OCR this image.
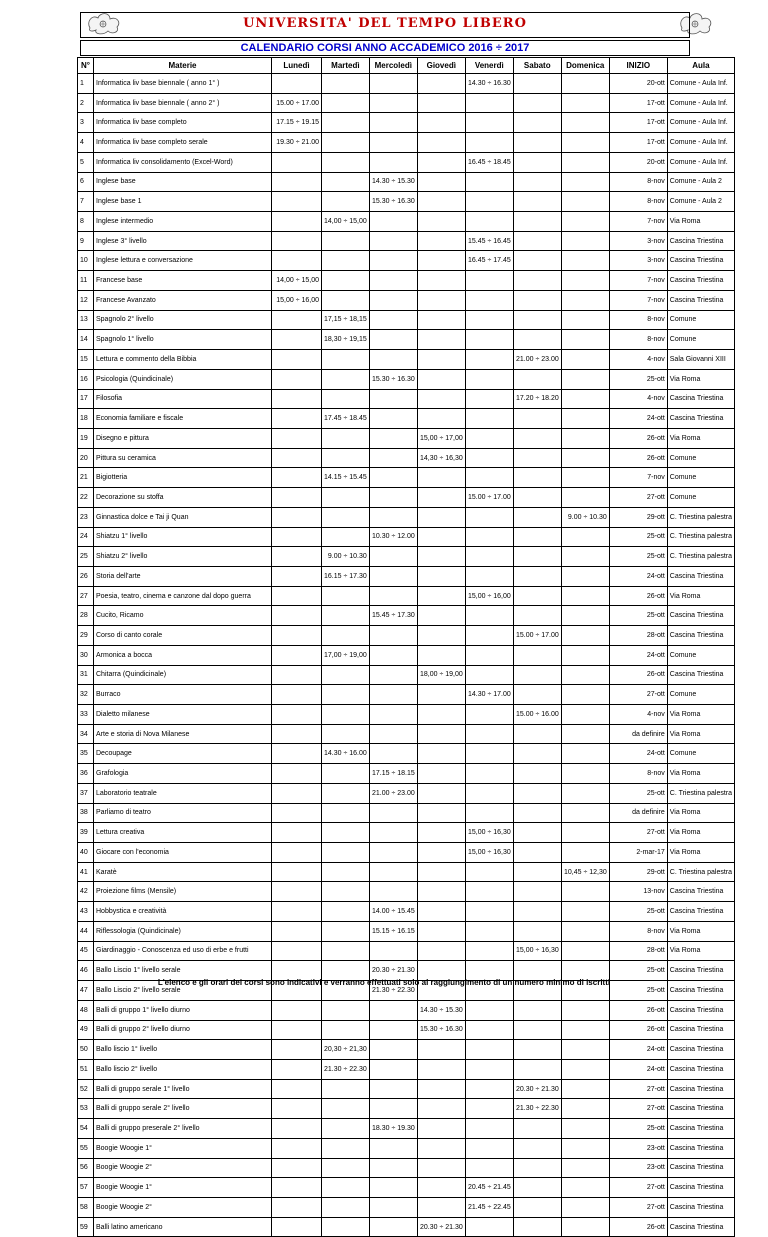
UNIVERSITA' DEL TEMPO LIBERO
CALENDARIO CORSI ANNO ACCADEMICO 2016 ÷ 2017
N°	Materie	Lunedì	Martedì	Mercoledì	Giovedì	Venerdì	Sabato	Domenica	INIZIO	Aula
1	Informatica liv base biennale ( anno 1° )					14.30 ÷ 16.30			20-ott	Comune - Aula Inf.
2	Informatica liv base biennale ( anno 2° )	15.00 ÷ 17.00							17-ott	Comune - Aula Inf.
3	Informatica liv base completo	17.15 ÷ 19.15							17-ott	Comune - Aula Inf.
4	Informatica liv base completo serale	19.30 ÷ 21.00							17-ott	Comune - Aula Inf.
5	Informatica liv consolidamento (Excel-Word)					16.45 ÷ 18.45			20-ott	Comune - Aula Inf.
6	Inglese base			14.30 ÷ 15.30					8-nov	Comune - Aula 2
7	Inglese base 1			15.30 ÷ 16.30					8-nov	Comune - Aula 2
8	Inglese intermedio		14,00 ÷ 15,00						7-nov	Via Roma
9	Inglese 3° livello					15.45 ÷ 16.45			3-nov	Cascina Triestina
10	Inglese lettura e conversazione					16.45 ÷ 17.45			3-nov	Cascina Triestina
11	Francese base	14,00 ÷ 15,00							7-nov	Cascina Triestina
12	Francese Avanzato	15,00 ÷ 16,00							7-nov	Cascina Triestina
13	Spagnolo 2° livello		17,15 ÷ 18,15						8-nov	Comune
14	Spagnolo 1° livello		18,30 ÷ 19,15						8-nov	Comune
15	Lettura e commento della Bibbia						21.00 ÷ 23.00		4-nov	Sala Giovanni XIII
16	Psicologia (Quindicinale)			15.30 ÷ 16.30					25-ott	Via Roma
17	Filosofia						17.20 ÷ 18.20		4-nov	Cascina Triestina
18	Economia familiare e fiscale		17.45 ÷ 18.45						24-ott	Cascina Triestina
19	Disegno e pittura				15,00 ÷ 17,00				26-ott	Via Roma
20	Pittura su ceramica				14,30 ÷ 16,30				26-ott	Comune
21	Bigiotteria		14.15 ÷ 15.45						7-nov	Comune
22	Decorazione su stoffa					15.00 ÷ 17.00			27-ott	Comune
23	Ginnastica dolce e Tai ji Quan							9.00 ÷ 10.30	29-ott	C. Triestina palestra
24	Shiatzu 1° livello			10.30 ÷ 12.00					25-ott	C. Triestina palestra
25	Shiatzu 2° livello		9.00 ÷ 10.30						25-ott	C. Triestina palestra
26	Storia dell'arte		16.15 ÷ 17.30						24-ott	Cascina Triestina
27	Poesia, teatro, cinema e canzone dal dopo guerra					15,00 ÷ 16,00			26-ott	Via Roma
28	Cucito, Ricamo			15.45 ÷ 17.30					25-ott	Cascina Triestina
29	Corso di canto corale						15.00 ÷ 17.00		28-ott	Cascina Triestina
30	Armonica a bocca		17,00 ÷ 19,00						24-ott	Comune
31	Chitarra (Quindicinale)				18,00 ÷ 19,00				26-ott	Cascina Triestina
32	Burraco					14.30 ÷ 17.00			27-ott	Comune
33	Dialetto milanese						15.00 ÷ 16.00		4-nov	Via Roma
34	Arte e storia di Nova Milanese								da definire	Via Roma
35	Decoupage		14.30 ÷ 16.00						24-ott	Comune
36	Grafologia			17.15 ÷ 18.15					8-nov	Via Roma
37	Laboratorio teatrale			21.00 ÷ 23.00					25-ott	C. Triestina palestra
38	Parliamo di teatro								da definire	Via Roma
39	Lettura creativa					15,00 ÷ 16,30			27-ott	Via Roma
40	Giocare con l'economia					15,00 ÷ 16,30			2-mar-17	Via Roma
41	Karatè							10,45 ÷ 12,30	29-ott	C. Triestina palestra
42	Proiezione films (Mensile)								13-nov	Cascina Triestina
43	Hobbystica e creatività			14.00 ÷ 15.45					25-ott	Cascina Triestina
44	Riflessologia (Quindicinale)			15.15 ÷ 16.15					8-nov	Via Roma
45	Giardinaggio - Conoscenza ed uso di erbe e frutti						15,00 ÷ 16,30		28-ott	Via Roma
46	Ballo Liscio 1° livello serale			20.30 ÷ 21.30					25-ott	Cascina Triestina
47	Ballo Liscio 2° livello serale			21.30 ÷ 22.30					25-ott	Cascina Triestina
48	Balli di gruppo 1° livello diurno				14.30 ÷ 15.30				26-ott	Cascina Triestina
49	Balli di gruppo 2° livello diurno				15.30 ÷ 16.30				26-ott	Cascina Triestina
50	Ballo liscio 1° livello		20,30 ÷ 21,30						24-ott	Cascina Triestina
51	Ballo liscio 2° livello		21.30 ÷ 22.30						24-ott	Cascina Triestina
52	Balli di gruppo serale 1° livello						20.30 ÷ 21.30		27-ott	Cascina Triestina
53	Balli di gruppo serale 2° livello						21.30 ÷ 22.30		27-ott	Cascina Triestina
54	Balli di gruppo preserale 2° livello			18.30 ÷ 19.30					25-ott	Cascina Triestina
55	Boogie Woogie 1°								23-ott	Cascina Triestina
56	Boogie Woogie 2°								23-ott	Cascina Triestina
57	Boogie Woogie 1°					20.45 ÷ 21.45			27-ott	Cascina Triestina
58	Boogie Woogie 2°					21.45 ÷ 22.45			27-ott	Cascina Triestina
59	Balli latino americano				20.30 ÷ 21.30				26-ott	Cascina Triestina
L'elenco e gli orari dei corsi sono indicativi e verranno effettuati solo al raggiungimento di un numero minimo di iscritti
